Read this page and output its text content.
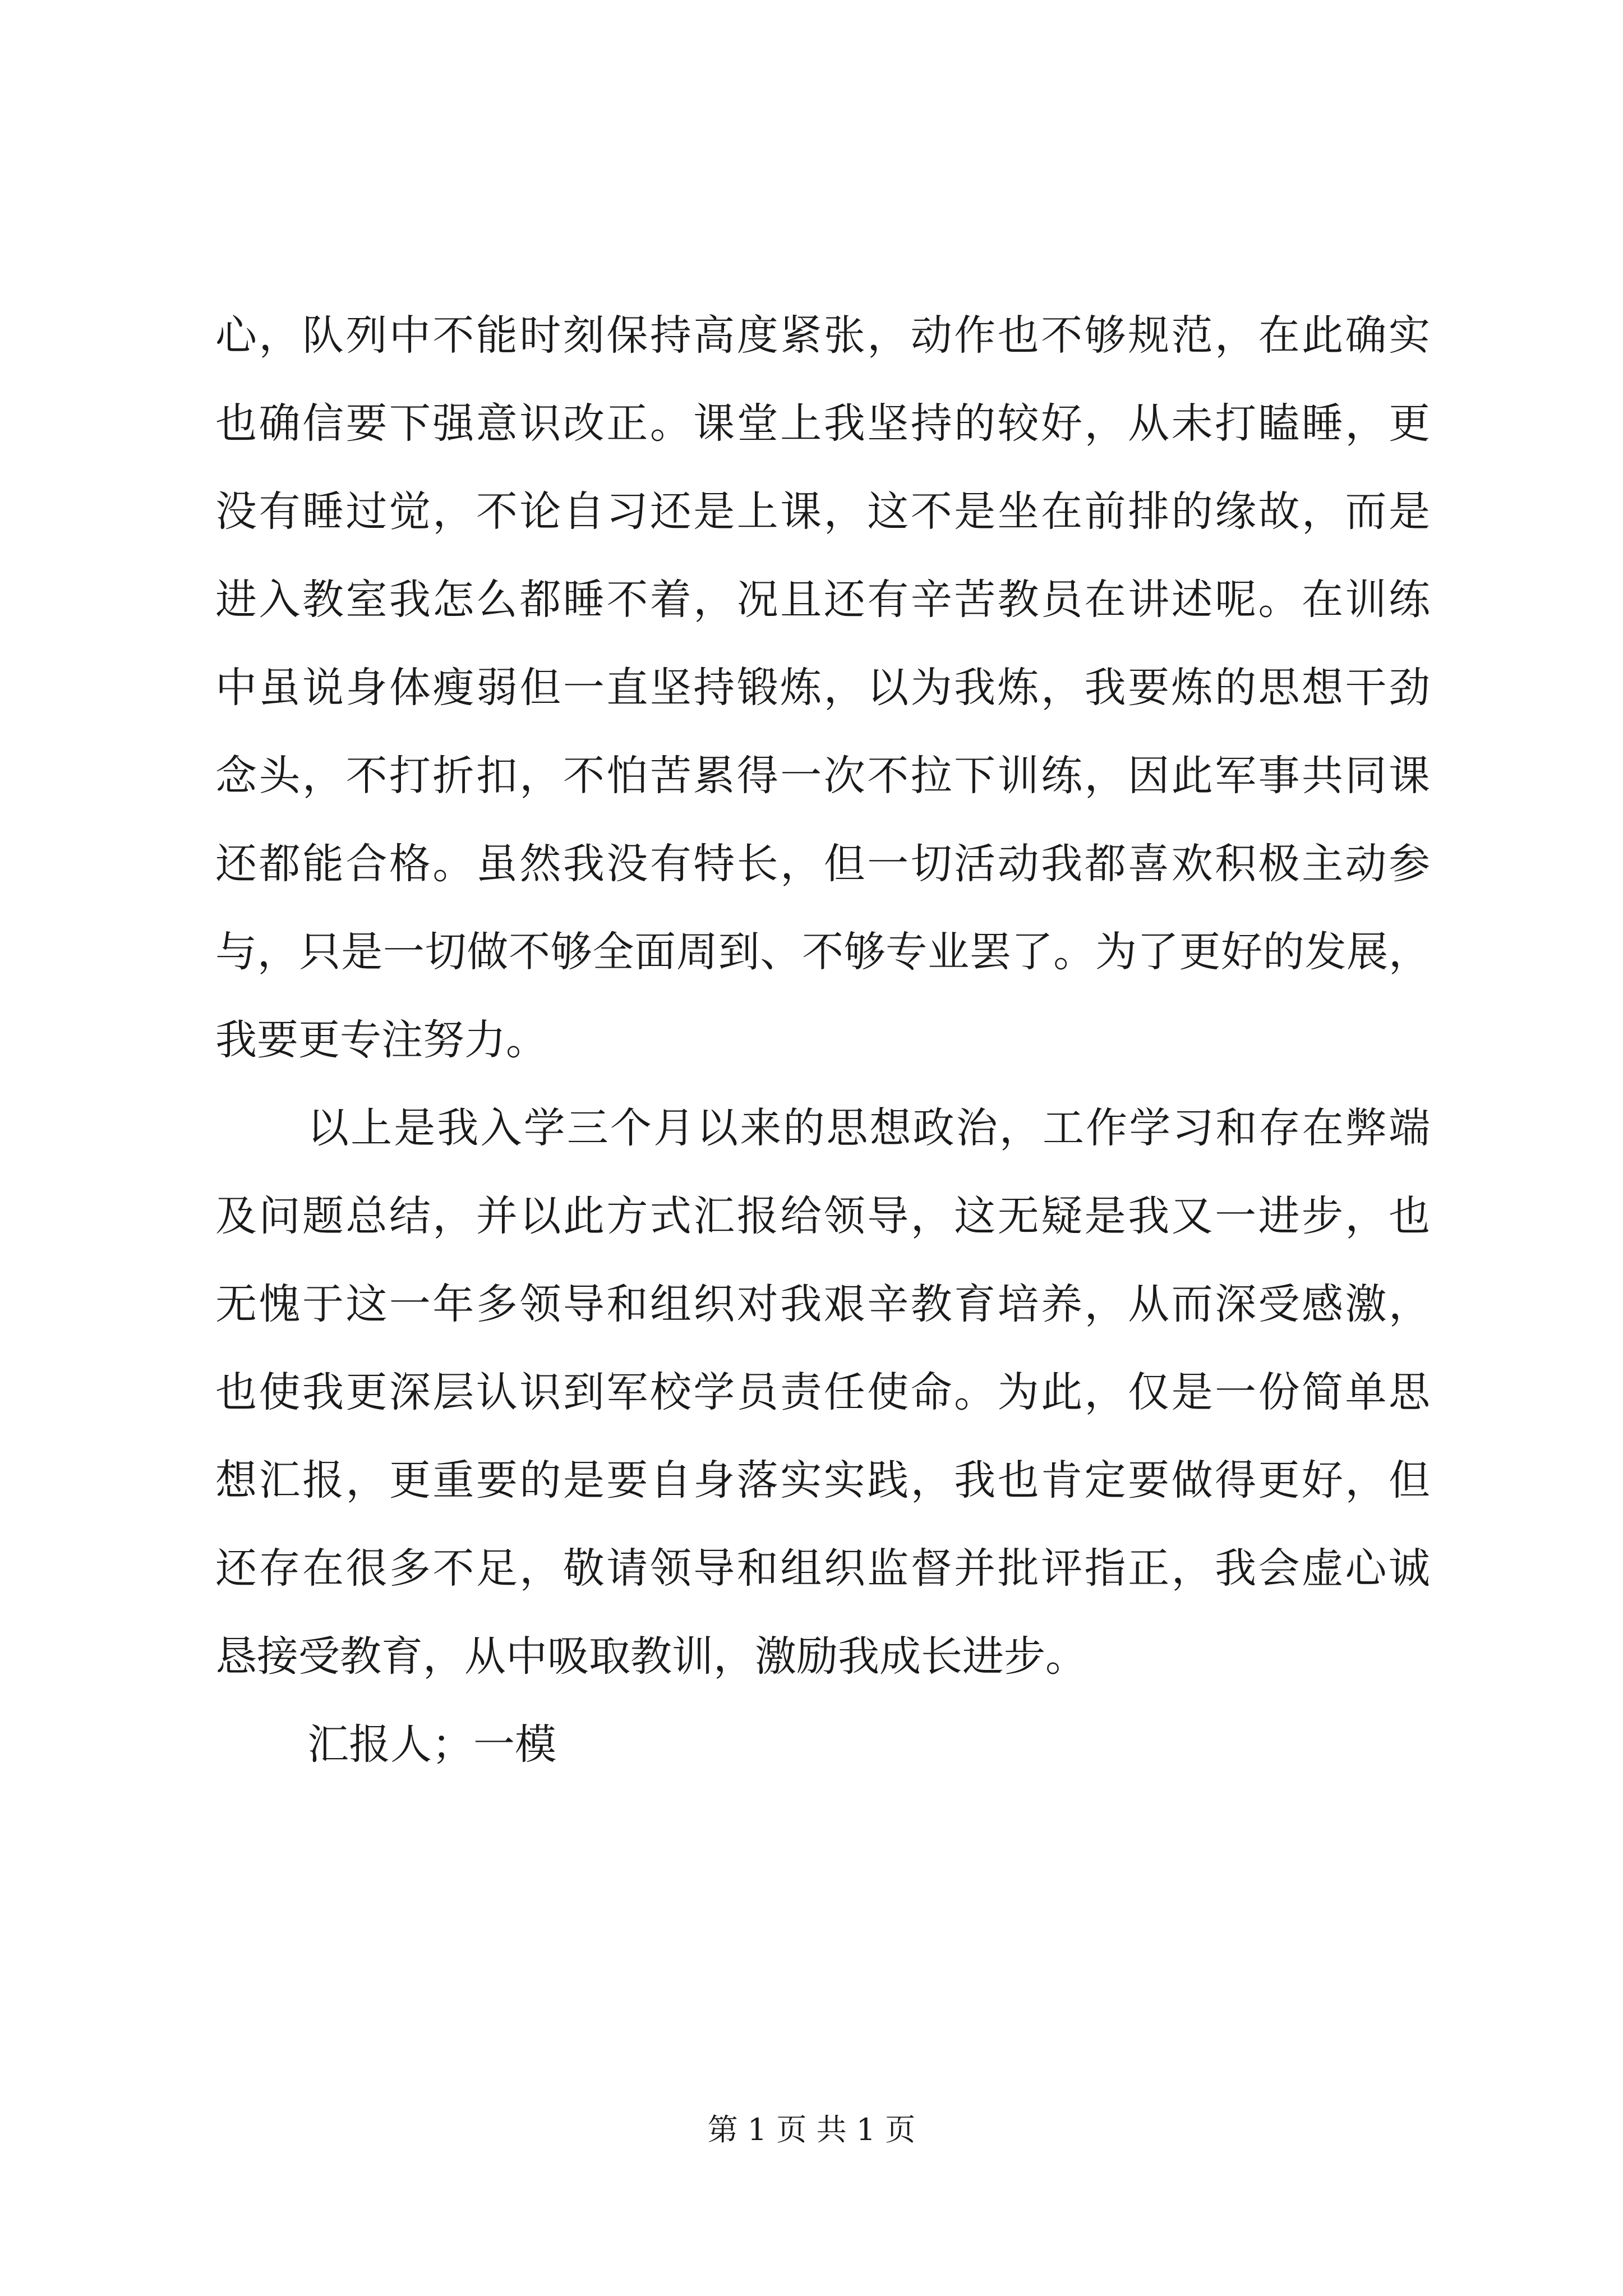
心，队列中不能时刻保持高度紧张，动作也不够规范，在此确实
也确信要下强意识改正。课堂上我坚持的较好，从未打瞌睡，更
没有睡过觉，不论自习还是上课，这不是坐在前排的缘故，而是
进入教室我怎么都睡不着，况且还有辛苦教员在讲述呢。在训练
中虽说身体瘦弱但一直坚持锻炼，以为我炼，我要炼的思想干劲
念头，不打折扣，不怕苦累得一次不拉下训练，因此军事共同课
还都能合格。虽然我没有特长，但一切活动我都喜欢积极主动参
与，只是一切做不够全面周到、不够专业罢了。为了更好的发展，
我要更专注努力。
以上是我入学三个月以来的思想政治，工作学习和存在弊端
及问题总结，并以此方式汇报给领导，这无疑是我又一进步，也
无愧于这一年多领导和组织对我艰辛教育培养，从而深受感激，
也使我更深层认识到军校学员责任使命。为此，仅是一份简单思
想汇报，更重要的是要自身落实实践，我也肯定要做得更好，但
还存在很多不足，敬请领导和组织监督并批评指正，我会虚心诚
恳接受教育，从中吸取教训，激励我成长进步。
汇报人；一模
第 1 页 共 1 页
